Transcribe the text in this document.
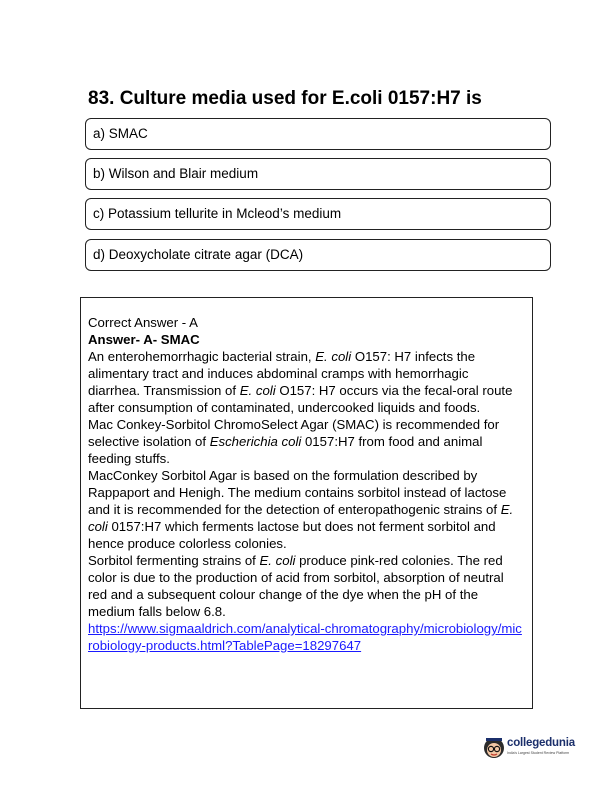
83. Culture media used for E.coli 0157:H7 is
a) SMAC
b) Wilson and Blair medium
c) Potassium tellurite in Mcleod’s medium
d) Deoxycholate citrate agar (DCA)

Correct Answer - A

Answer- A- SMAC

An enterohemorrhagic bacterial strain, E. coli O157: H7 infects the alimentary tract and induces abdominal cramps with hemorrhagic diarrhea. Transmission of E. coli O157: H7 occurs via the fecal-oral route after consumption of contaminated, undercooked liquids and foods.

Mac Conkey-Sorbitol ChromoSelect Agar (SMAC) is recommended for selective isolation of Escherichia coli 0157:H7 from food and animal feeding stuffs.

MacConkey Sorbitol Agar is based on the formulation described by Rappaport and Henigh. The medium contains sorbitol instead of lactose and it is recommended for the detection of enteropathogenic strains of E. coli 0157:H7 which ferments lactose but does not ferment sorbitol and hence produce colorless colonies.

Sorbitol fermenting strains of E. coli produce pink-red colonies. The red color is due to the production of acid from sorbitol, absorption of neutral red and a subsequent colour change of the dye when the pH of the medium falls below 6.8.

https://www.sigmaaldrich.com/analytical-chromatography/microbiology/microbiology-products.html?TablePage=18297647

collegedunia
India's Largest Student Review Platform
